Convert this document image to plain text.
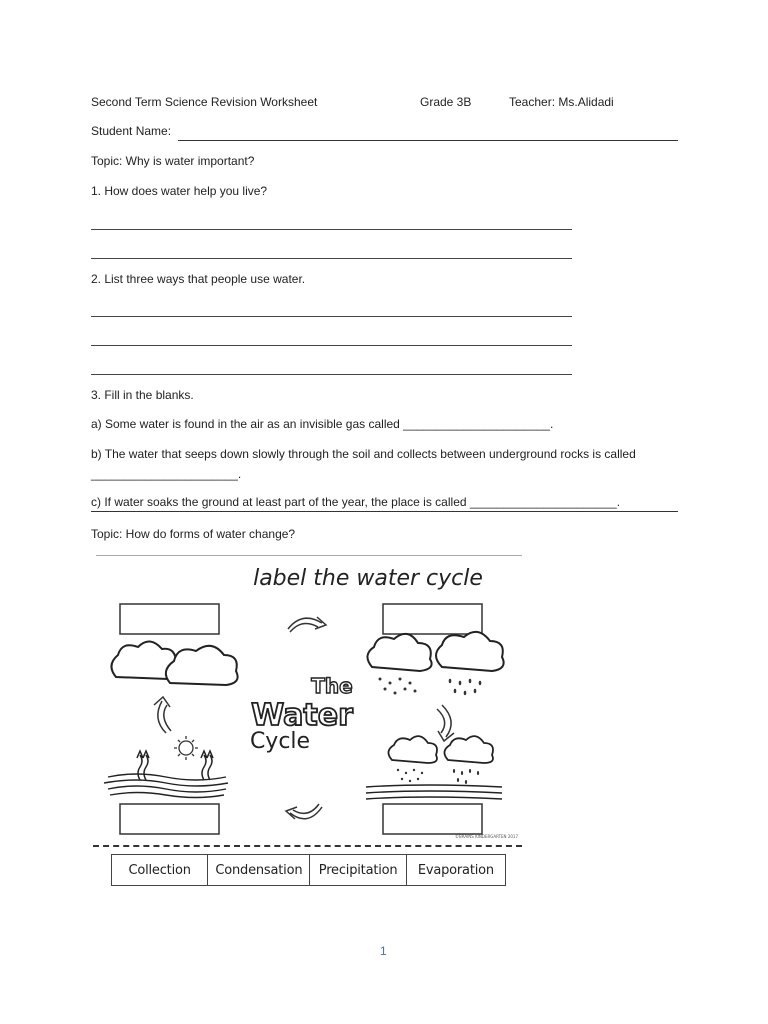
Second Term Science Revision Worksheet	Grade 3B	Teacher: Ms.Alidadi
Student Name:
Topic: Why is water important?
1. How does water help you live?
2. List three ways that people use water.
3. Fill in the blanks.
a) Some water is found in the air as an invisible gas called ______________________.
b) The water that seeps down slowly through the soil and collects between underground rocks is called
______________________.
c) If water soaks the ground at least part of the year, the place is called ______________________.
Topic: How do forms of water change?
label the water cycle
The
Water
Cycle
©BRAINS KINDERGARTEN 2017
Collection	Condensation	Precipitation	Evaporation
1
